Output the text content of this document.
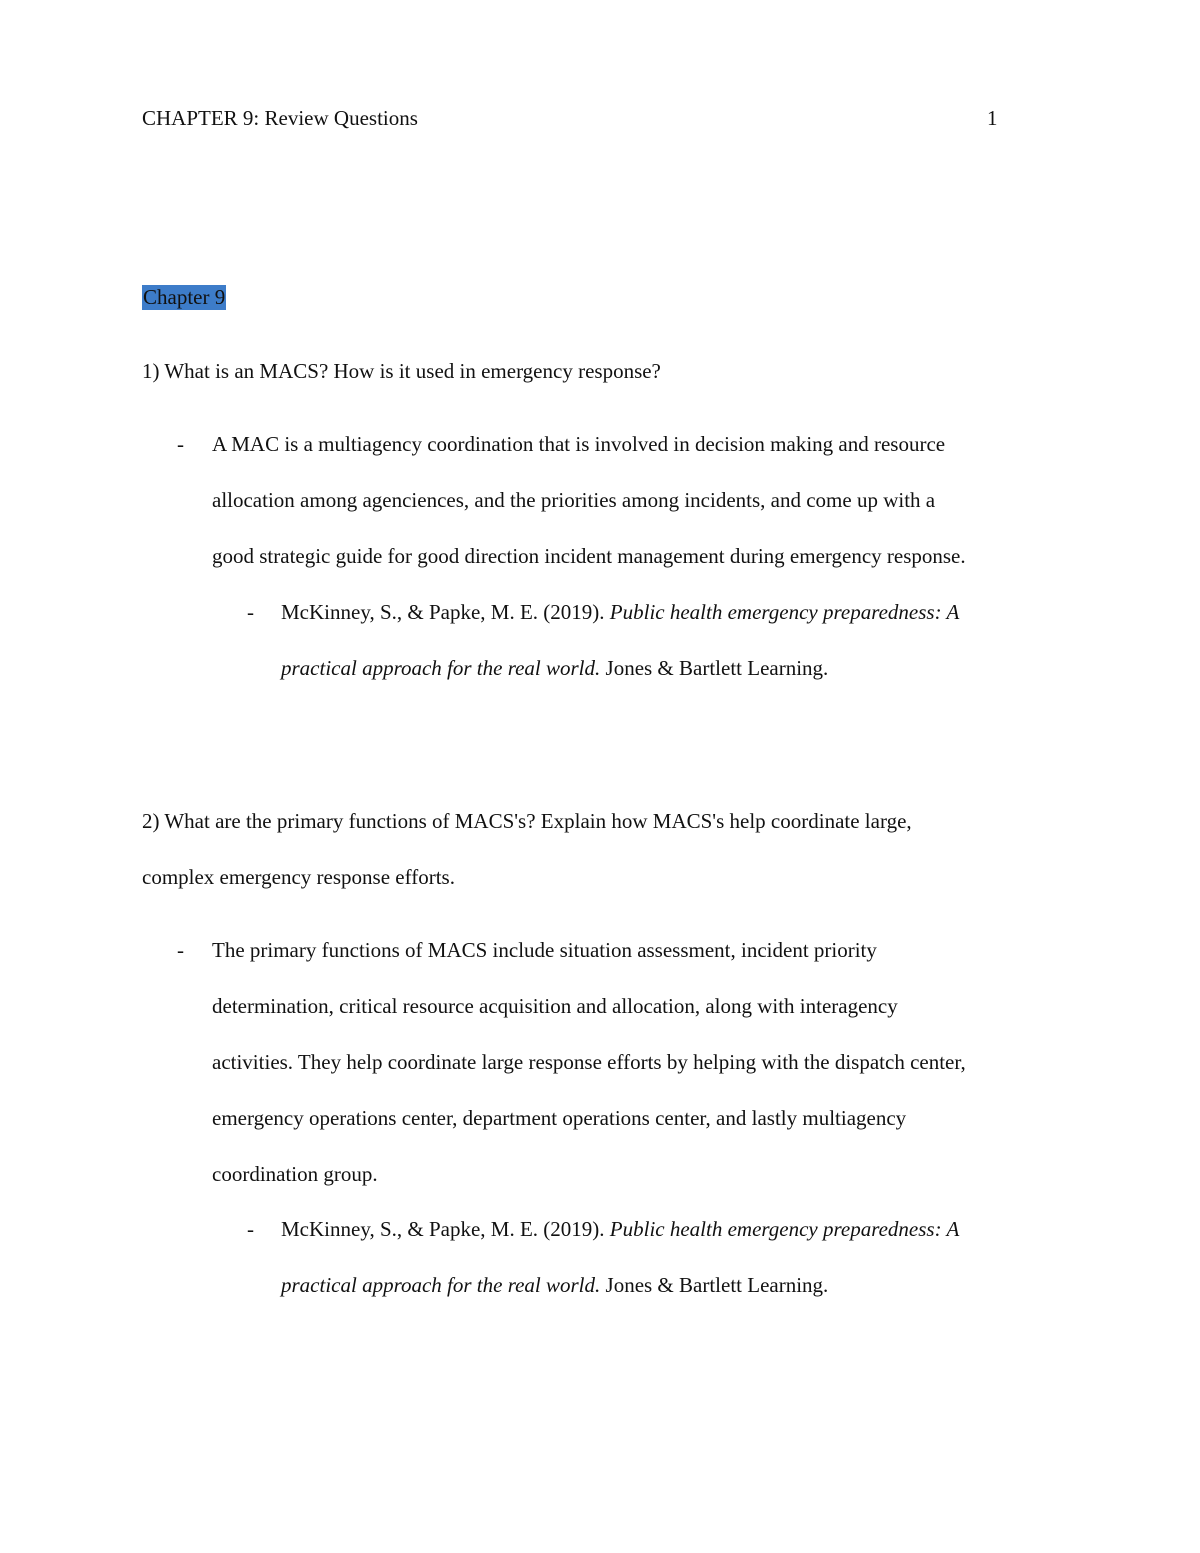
CHAPTER 9: Review Questions	1
Chapter 9
1) What is an MACS? How is it used in emergency response?
-	A MAC is a multiagency coordination that is involved in decision making and resource
allocation among agenciences, and the priorities among incidents, and come up with a
good strategic guide for good direction incident management during emergency response.
-	McKinney, S., & Papke, M. E. (2019). Public health emergency preparedness: A
practical approach for the real world. Jones & Bartlett Learning.
2) What are the primary functions of MACS's? Explain how MACS's help coordinate large,
complex emergency response efforts.
-	The primary functions of MACS include situation assessment, incident priority
determination, critical resource acquisition and allocation, along with interagency
activities. They help coordinate large response efforts by helping with the dispatch center,
emergency operations center, department operations center, and lastly multiagency
coordination group.
-	McKinney, S., & Papke, M. E. (2019). Public health emergency preparedness: A
practical approach for the real world. Jones & Bartlett Learning.
